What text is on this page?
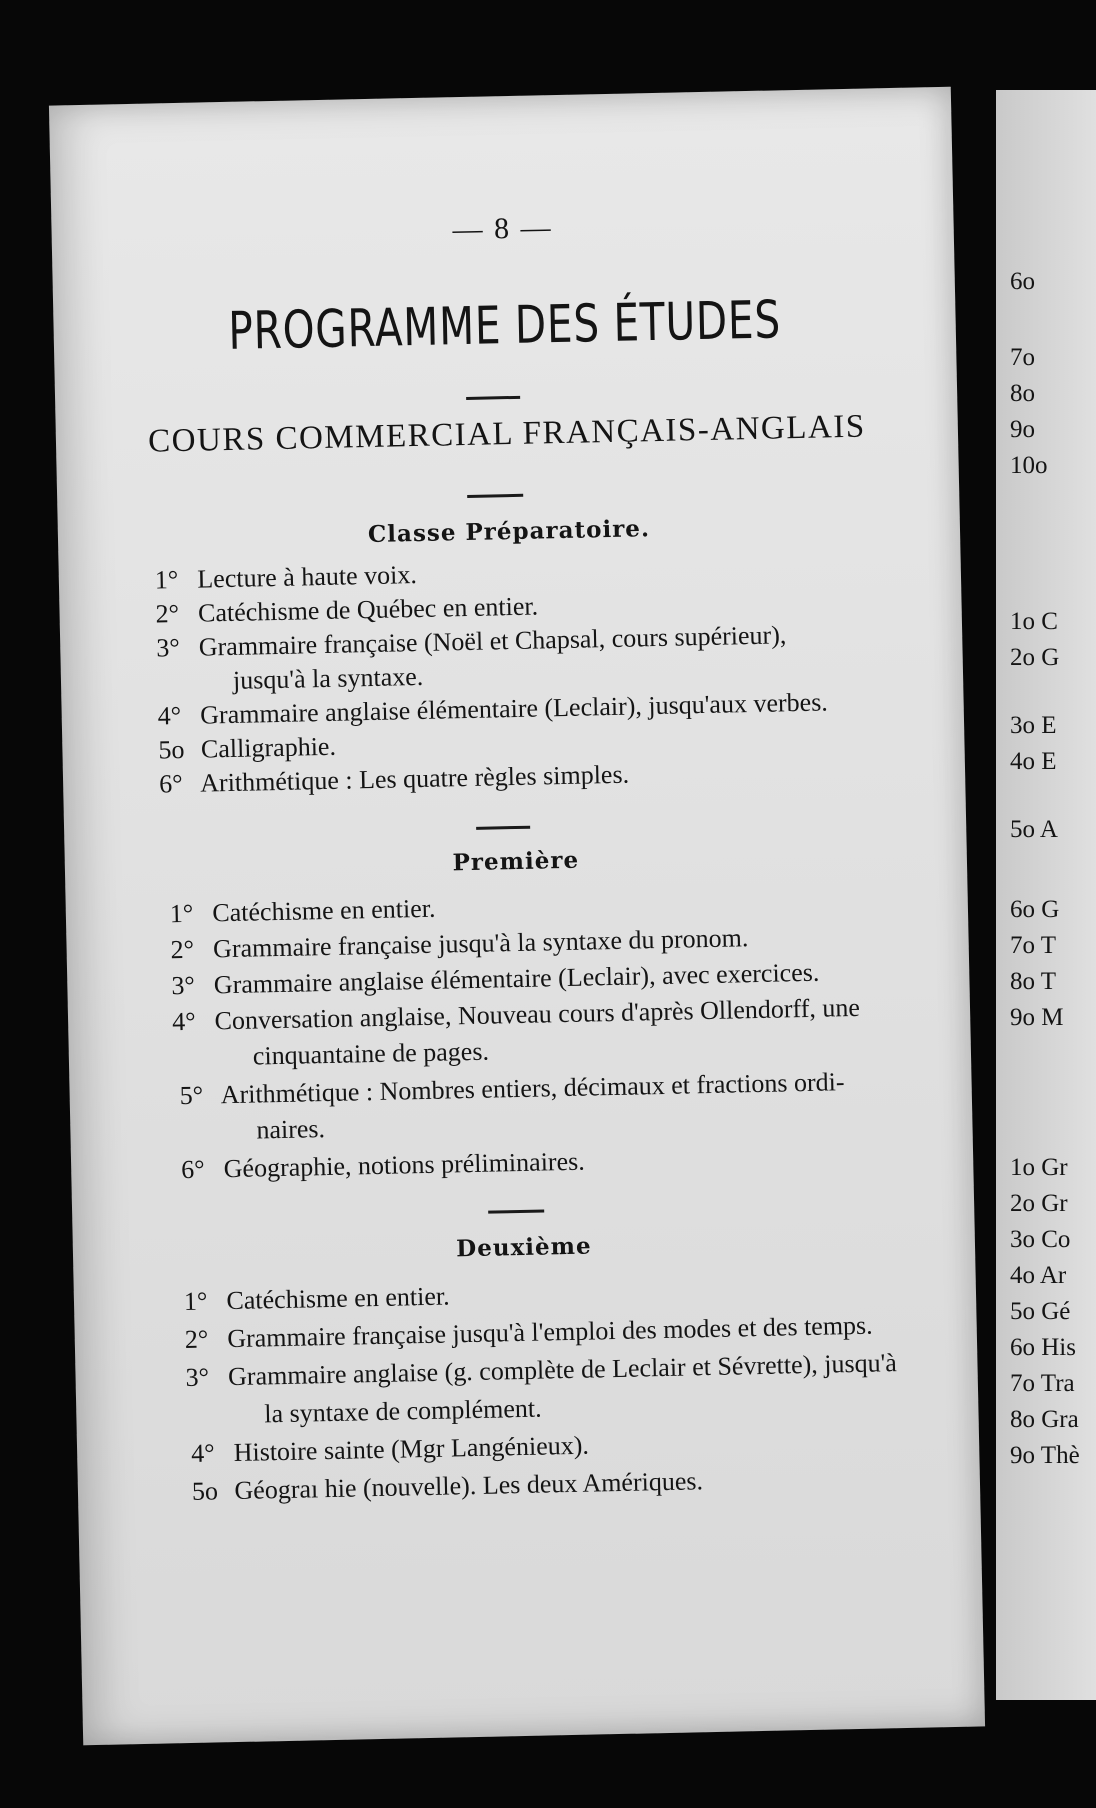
— 8 —
PROGRAMME DES ÉTUDES
COURS COMMERCIAL FRANÇAIS-ANGLAIS
Classe Préparatoire.
1° Lecture à haute voix.
2° Catéchisme de Québec en entier.
3° Grammaire française (Noël et Chapsal, cours supérieur),
jusqu'à la syntaxe.
4° Grammaire anglaise élémentaire (Leclair), jusqu'aux verbes.
5o Calligraphie.
6° Arithmétique : Les quatre règles simples.
Première
1° Catéchisme en entier.
2° Grammaire française jusqu'à la syntaxe du pronom.
3° Grammaire anglaise élémentaire (Leclair), avec exercices.
4° Conversation anglaise, Nouveau cours d'après Ollendorff, une
cinquantaine de pages.
5° Arithmétique : Nombres entiers, décimaux et fractions ordi-
naires.
6° Géographie, notions préliminaires.
Deuxième
1° Catéchisme en entier.
2° Grammaire française jusqu'à l'emploi des modes et des temps.
3° Grammaire anglaise (g. complète de Leclair et Sévrette), jusqu'à
la syntaxe de complément.
4° Histoire sainte (Mgr Langénieux).
5o Géograı hie (nouvelle). Les deux Amériques.
6o
7o
8o
9o
10o
1o C
2o G
3o E
4o E
5o A
6o G
7o T
8o T
9o M
1o Gr
2o Gr
3o Co
4o Ar
5o Gé
6o His
7o Tra
8o Gra
9o Thè
